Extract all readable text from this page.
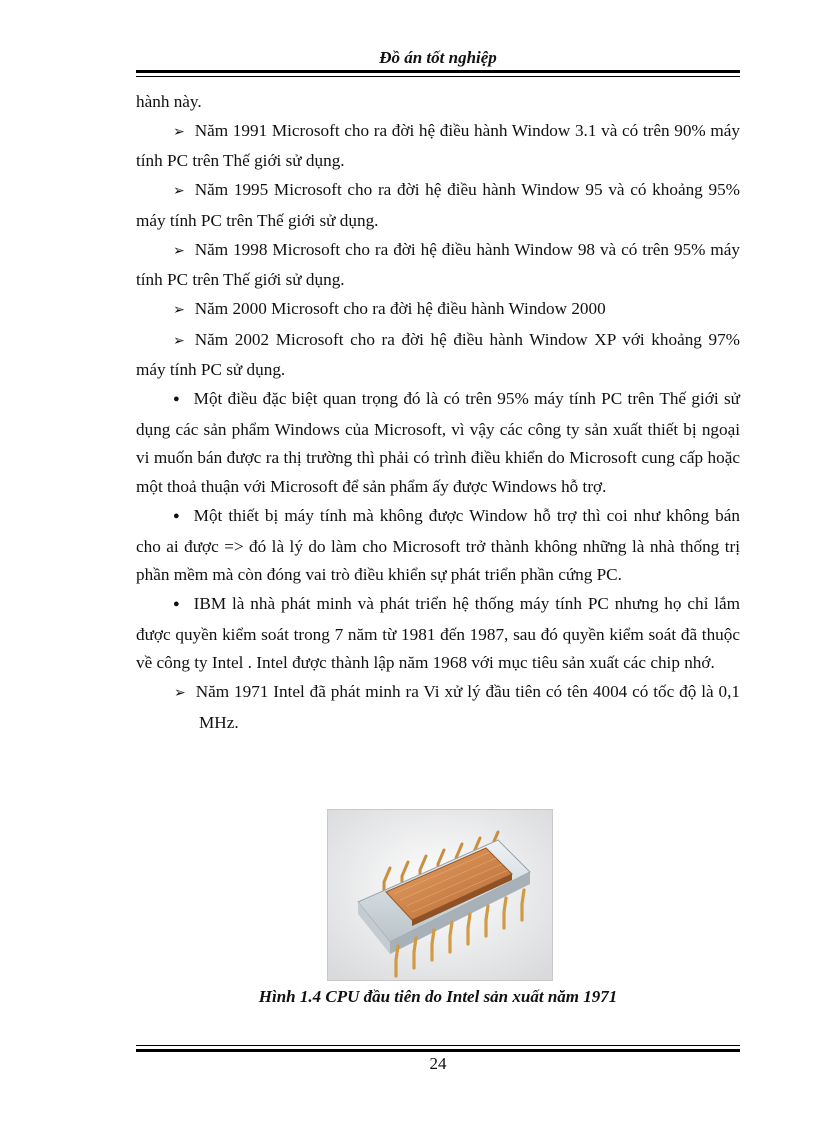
Đồ án tốt nghiệp

hành này.

➢ Năm 1991 Microsoft cho ra đời hệ điều hành Window 3.1 và có trên 90% máy tính PC trên Thế giới sử dụng.

➢ Năm 1995 Microsoft cho ra đời hệ điều hành Window 95 và có khoảng 95% máy tính PC trên Thế giới sử dụng.

➢ Năm 1998 Microsoft cho ra đời hệ điều hành Window 98 và có trên 95% máy tính PC trên Thế giới sử dụng.

➢ Năm 2000 Microsoft cho ra đời hệ điều hành Window 2000

➢ Năm 2002 Microsoft cho ra đời hệ điều hành Window XP với khoảng 97% máy tính PC sử dụng.

● Một điều đặc biệt quan trọng đó là có trên 95% máy tính PC trên Thế giới sử dụng các sản phẩm Windows của Microsoft, vì vậy các công ty sản xuất thiết bị ngoại vi muốn bán được ra thị trường thì phải có trình điều khiển do Microsoft cung cấp hoặc một thoả thuận với Microsoft để sản phẩm ấy được Windows hỗ trợ.

● Một thiết bị máy tính mà không được Window hỗ trợ thì coi như không bán cho ai được => đó là lý do làm cho Microsoft trở thành không những là nhà thống trị phần mềm mà còn đóng vai trò điều khiển sự phát triển phần cứng PC.

● IBM là nhà phát minh và phát triển hệ thống máy tính PC nhưng họ chỉ lắm được quyền kiểm soát trong 7 năm từ 1981 đến 1987, sau đó quyền kiểm soát đã thuộc về công ty Intel . Intel được thành lập năm 1968 với mục tiêu sản xuất các chip nhớ.

➢ Năm 1971 Intel đã phát minh ra Vi xử lý đầu tiên có tên 4004 có tốc độ là 0,1 MHz.

Hình 1.4 CPU đầu tiên do Intel sản xuất năm 1971
24
